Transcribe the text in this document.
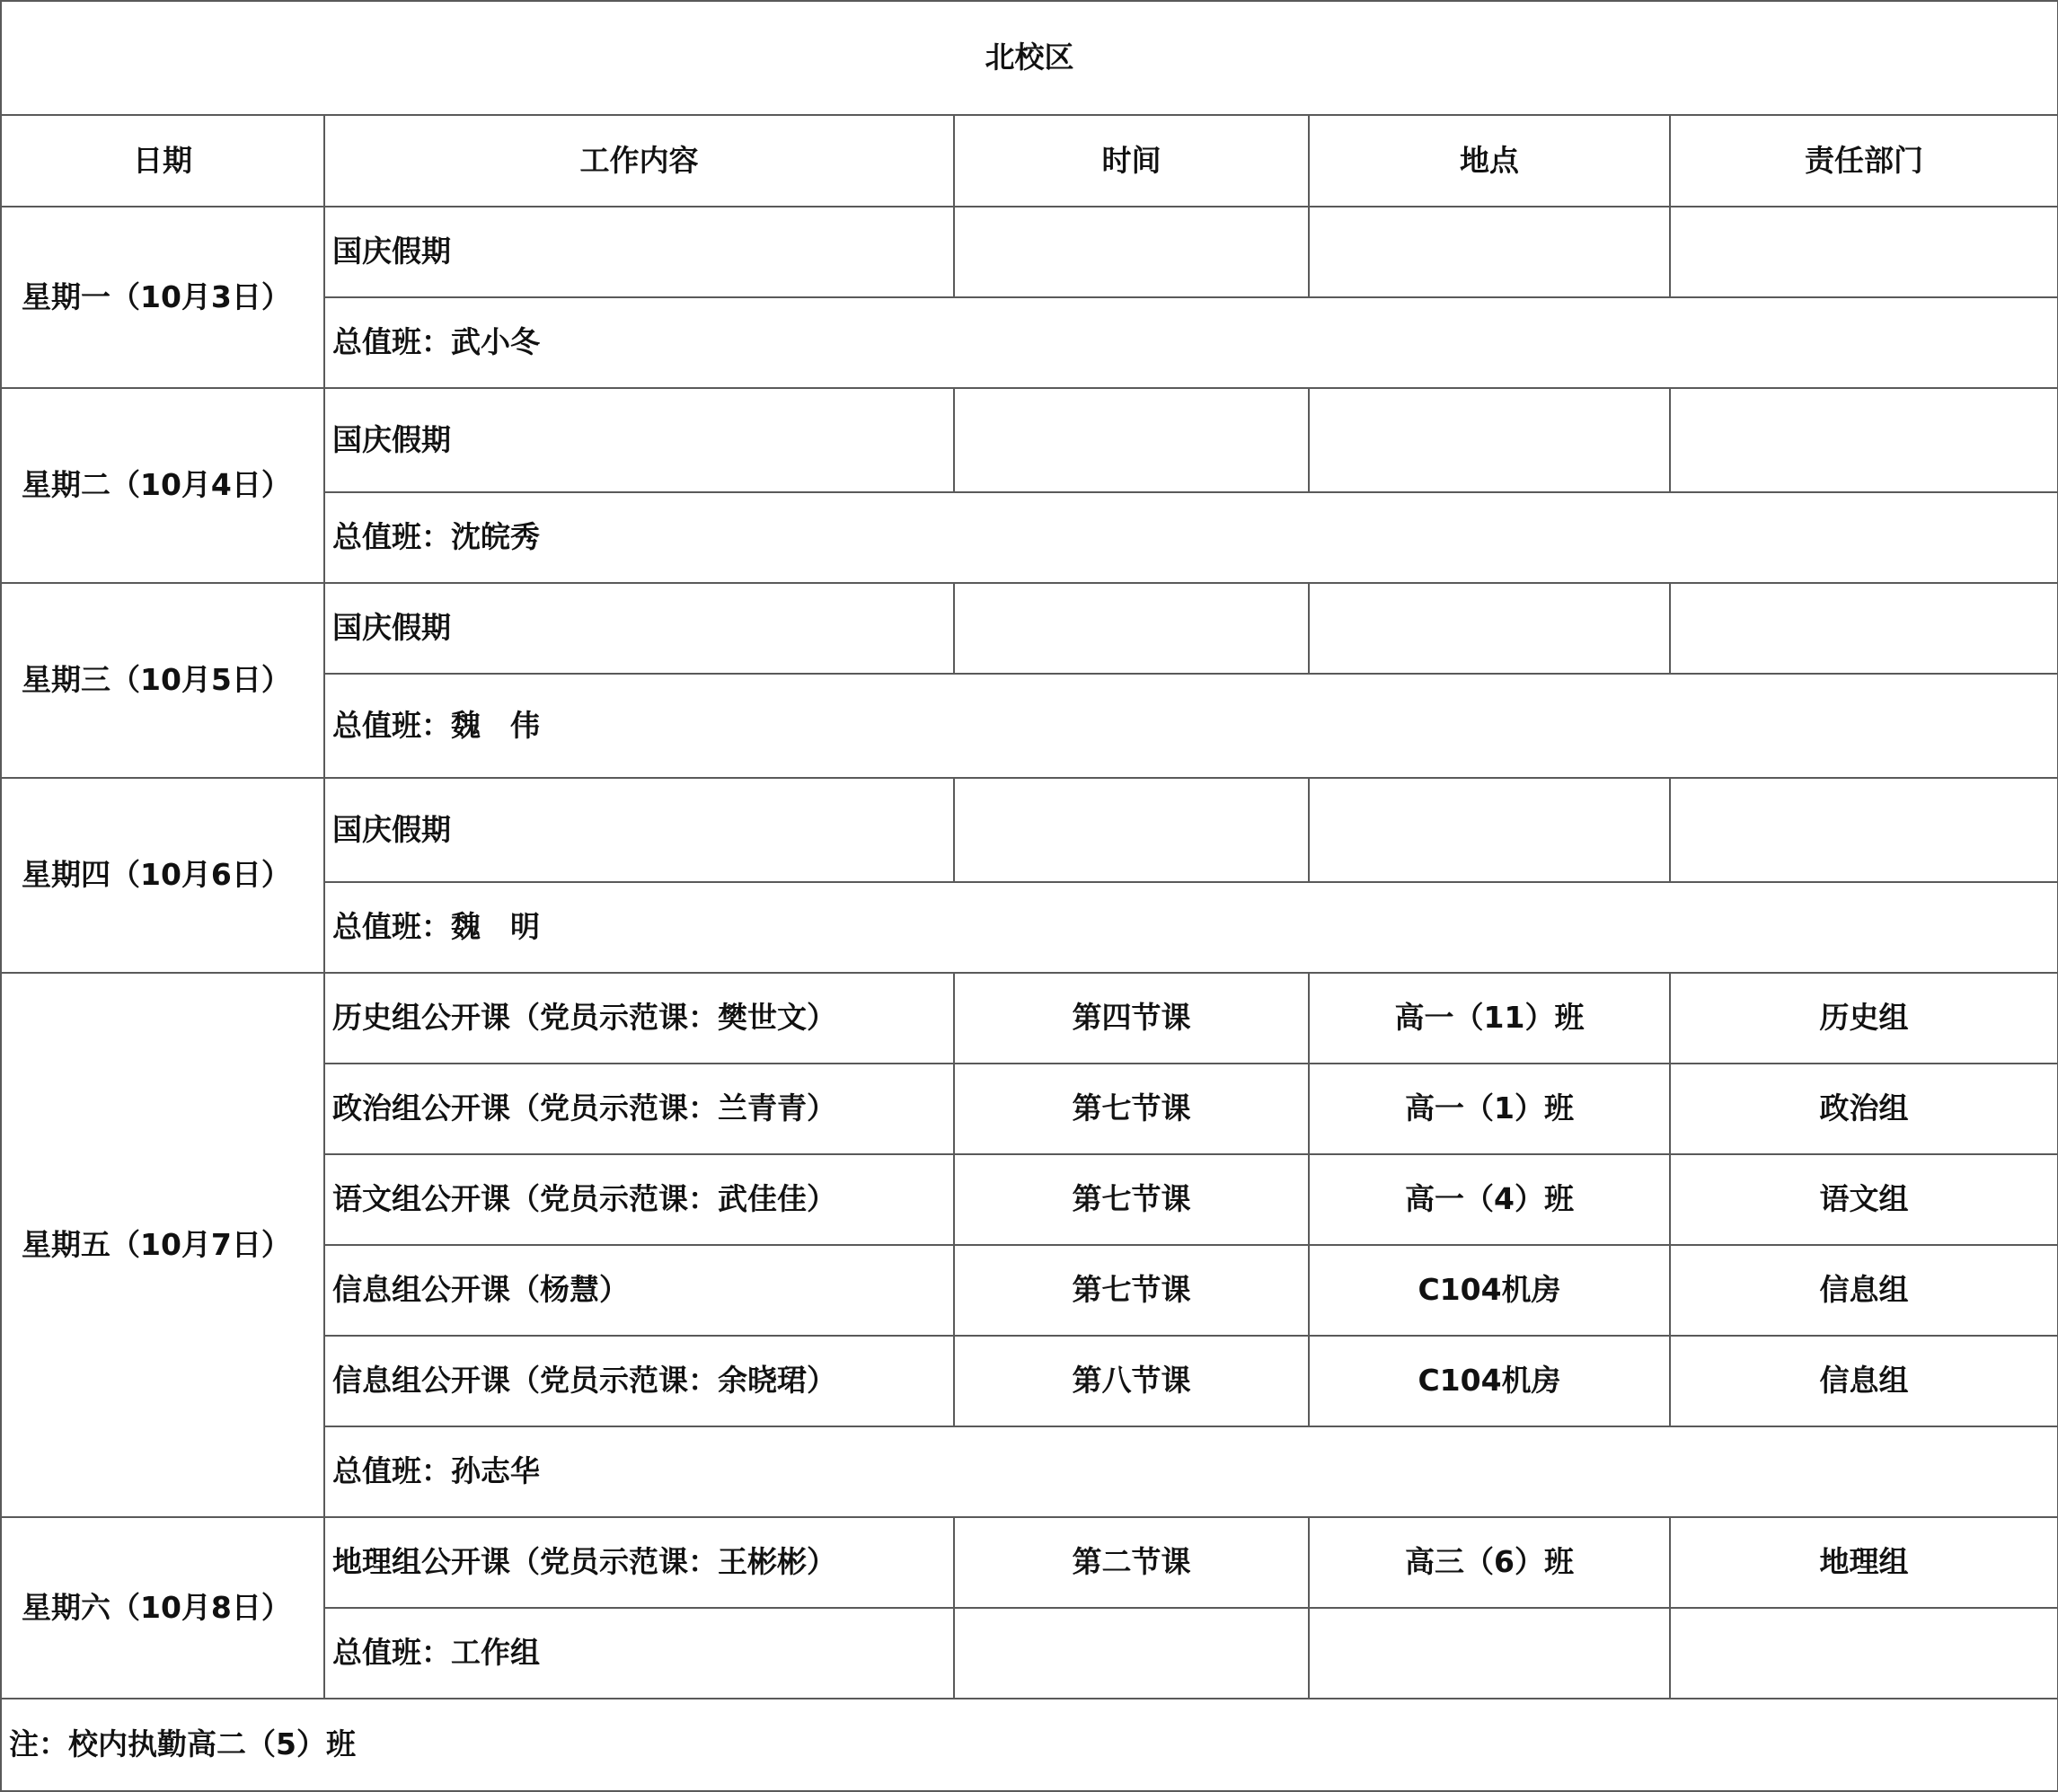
北校区				
日期	工作内容	时间	地点	责任部门
星期一（10月3日）	国庆假期			
	总值班：武小冬			
星期二（10月4日）	国庆假期			
	总值班：沈皖秀			
星期三（10月5日）	国庆假期			
	总值班：魏　伟			
星期四（10月6日）	国庆假期			
	总值班：魏　明			
星期五（10月7日）	历史组公开课（党员示范课：樊世文）	第四节课	高一（11）班	历史组
	政治组公开课（党员示范课：兰青青）	第七节课	高一（1）班	政治组
	语文组公开课（党员示范课：武佳佳）	第七节课	高一（4）班	语文组
	信息组公开课（杨慧）	第七节课	C104机房	信息组
	信息组公开课（党员示范课：余晓珺）	第八节课	C104机房	信息组
	总值班：孙志华			
星期六（10月8日）	地理组公开课（党员示范课：王彬彬）	第二节课	高三（6）班	地理组
	总值班：工作组			
注：校内执勤高二（5）班				
